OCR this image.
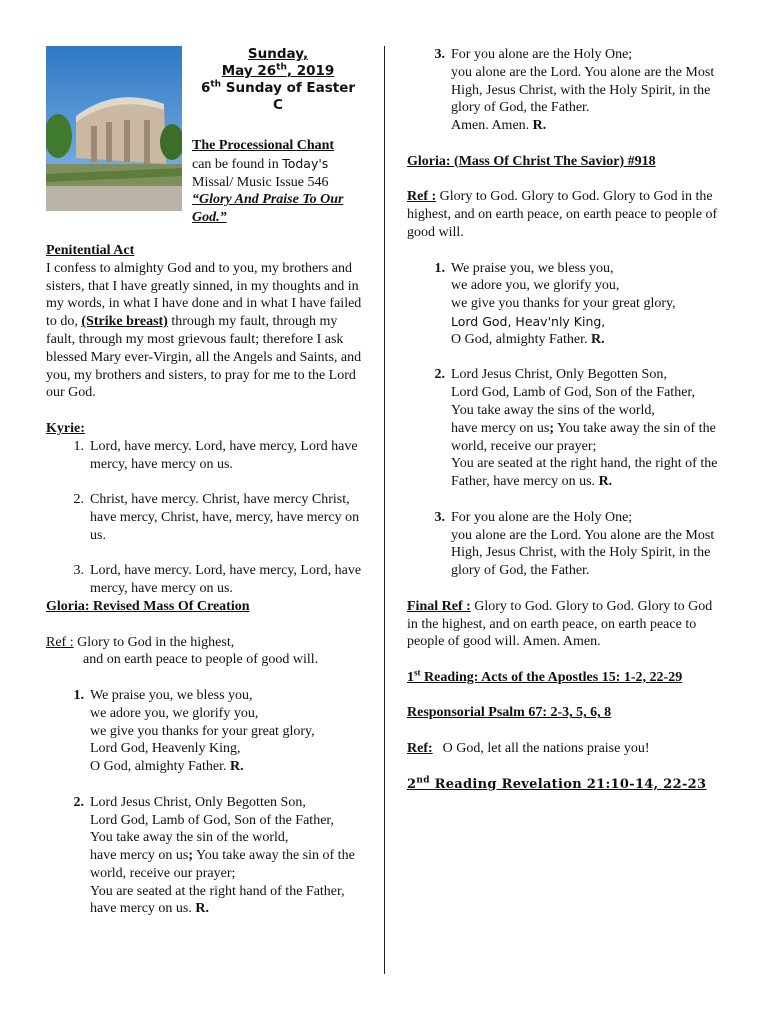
Sunday,
May 26th, 2019
6th Sunday of Easter
C
The Processional Chant
can be found in Today's
Missal/ Music Issue 546
“Glory And Praise To Our God.”
Penitential Act

I confess to almighty God and to you, my brothers and sisters, that I have greatly sinned, in my thoughts and in my words, in what I have done and in what I have failed to do, (Strike breast) through my fault, through my fault, through my most grievous fault; therefore I ask blessed Mary ever-Virgin, all the Angels and Saints, and you, my brothers and sisters, to pray for me to the Lord our God.

Kyrie:
1. Lord, have mercy. Lord, have mercy, Lord have mercy, have mercy on us.
2. Christ, have mercy. Christ, have mercy Christ, have mercy, Christ, have, mercy, have mercy on us.
3. Lord, have mercy. Lord, have mercy, Lord, have mercy, have mercy on us.
Gloria: Revised Mass Of Creation
Ref : Glory to God in the highest,
and on earth peace to people of good will.
1. We praise you, we bless you,
we adore you, we glorify you,
we give you thanks for your great glory,
Lord God, Heavenly King,
O God, almighty Father. R.
2. Lord Jesus Christ, Only Begotten Son,
Lord God, Lamb of God, Son of the Father,
You take away the sin of the world,
have mercy on us; You take away the sin of the world, receive our prayer;
You are seated at the right hand of the Father, have mercy on us. R.
3. For you alone are the Holy One;
you alone are the Lord. You alone are the Most High, Jesus Christ, with the Holy Spirit, in the glory of God, the Father.
Amen. Amen. R.
Gloria: (Mass Of Christ The Savior) #918

Ref : Glory to God. Glory to God. Glory to God in the highest, and on earth peace, on earth peace to people of good will.

1. We praise you, we bless you,
we adore you, we glorify you,
we give you thanks for your great glory,
Lord God, Heav'nly King,
O God, almighty Father. R.
2. Lord Jesus Christ, Only Begotten Son,
Lord God, Lamb of God, Son of the Father,
You take away the sins of the world,
have mercy on us; You take away the sin of the world, receive our prayer;
You are seated at the right hand, the right of the Father, have mercy on us. R.
3. For you alone are the Holy One;
you alone are the Lord. You alone are the Most High, Jesus Christ, with the Holy Spirit, in the glory of God, the Father.

Final Ref : Glory to God. Glory to God. Glory to God in the highest, and on earth peace, on earth peace to people of good will. Amen. Amen.

1st Reading: Acts of the Apostles 15: 1-2, 22-29
Responsorial Psalm 67: 2-3, 5, 6, 8
Ref: O God, let all the nations praise you!
2nd Reading Revelation 21:10-14, 22-23
